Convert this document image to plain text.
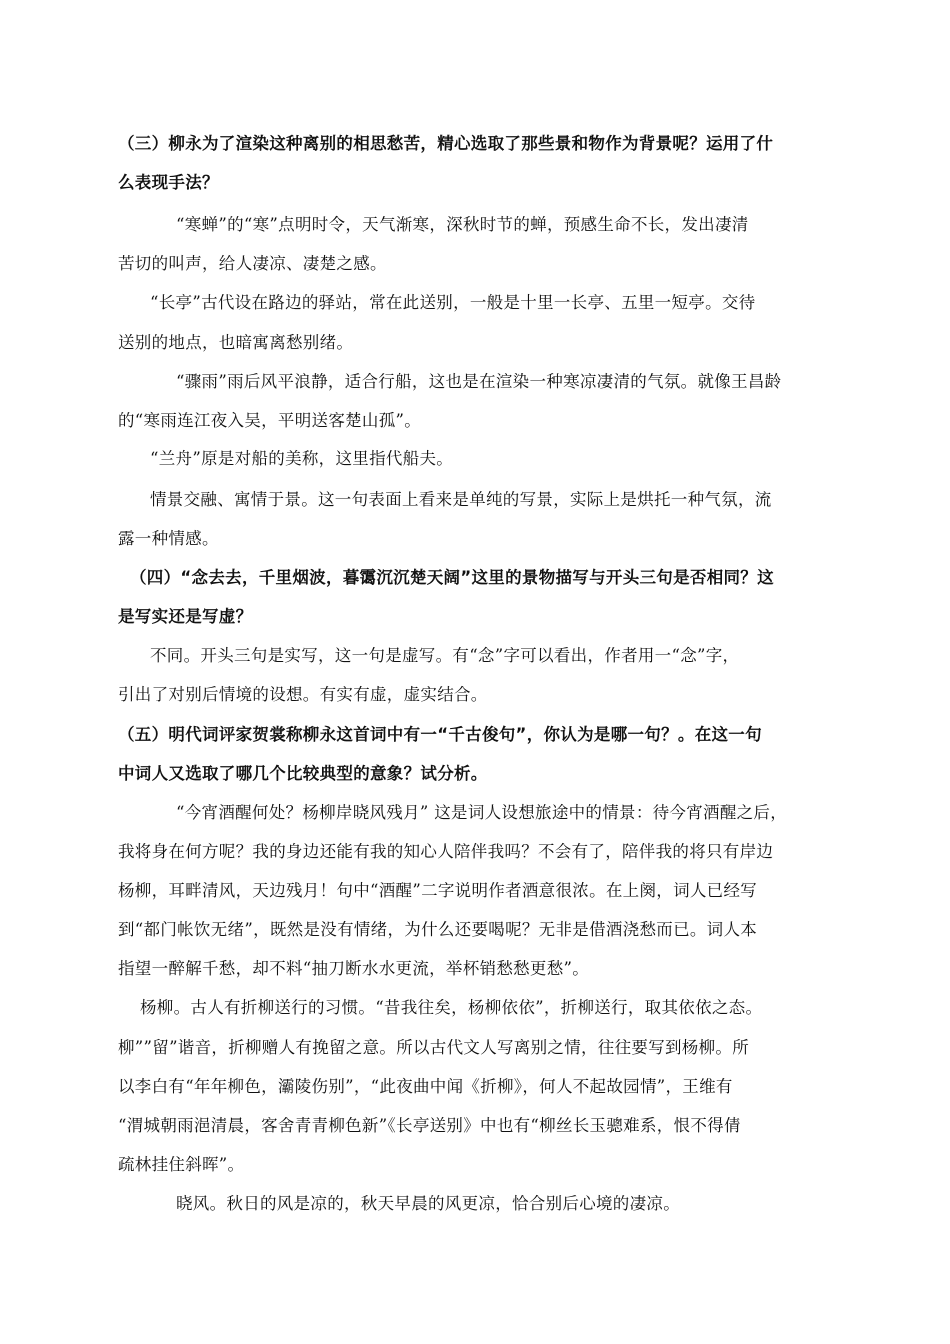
（三）柳永为了渲染这种离别的相思愁苦，精心选取了那些景和物作为背景呢？运用了什
么表现手法？
“寒蝉”的“寒”点明时令，天气渐寒，深秋时节的蝉，预感生命不长，发出凄清
苦切的叫声，给人凄凉、凄楚之感。
“长亭”古代设在路边的驿站，常在此送别，一般是十里一长亭、五里一短亭。交待
送别的地点，也暗寓离愁别绪。
“骤雨”雨后风平浪静，适合行船，这也是在渲染一种寒凉凄清的气氛。就像王昌龄
的“寒雨连江夜入吴，平明送客楚山孤”。
“兰舟”原是对船的美称，这里指代船夫。
情景交融、寓情于景。这一句表面上看来是单纯的写景，实际上是烘托一种气氛，流
露一种情感。
（四）“念去去，千里烟波，暮霭沉沉楚天阔”这里的景物描写与开头三句是否相同？这
是写实还是写虚？
不同。开头三句是实写，这一句是虚写。有“念”字可以看出，作者用一“念”字，
引出了对别后情境的设想。有实有虚，虚实结合。
（五）明代词评家贺裳称柳永这首词中有一“千古俊句”，你认为是哪一句？。在这一句
中词人又选取了哪几个比较典型的意象？试分析。
“今宵酒醒何处？杨柳岸晓风残月” 这是词人设想旅途中的情景：待今宵酒醒之后，
我将身在何方呢？我的身边还能有我的知心人陪伴我吗？不会有了，陪伴我的将只有岸边
杨柳，耳畔清风，天边残月！句中“酒醒”二字说明作者酒意很浓。在上阕，词人已经写
到“都门帐饮无绪”，既然是没有情绪，为什么还要喝呢？无非是借酒浇愁而已。词人本
指望一醉解千愁，却不料“抽刀断水水更流，举杯销愁愁更愁”。
杨柳。古人有折柳送行的习惯。“昔我往矣，杨柳依依”，折柳送行，取其依依之态。
柳””留”谐音，折柳赠人有挽留之意。所以古代文人写离别之情，往往要写到杨柳。所
以李白有“年年柳色，灞陵伤别”，“此夜曲中闻《折柳》，何人不起故园情”，王维有
“渭城朝雨浥清晨，客舍青青柳色新”《长亭送别》中也有“柳丝长玉骢难系，恨不得倩
疏林挂住斜晖”。
晓风。秋日的风是凉的，秋天早晨的风更凉，恰合别后心境的凄凉。
